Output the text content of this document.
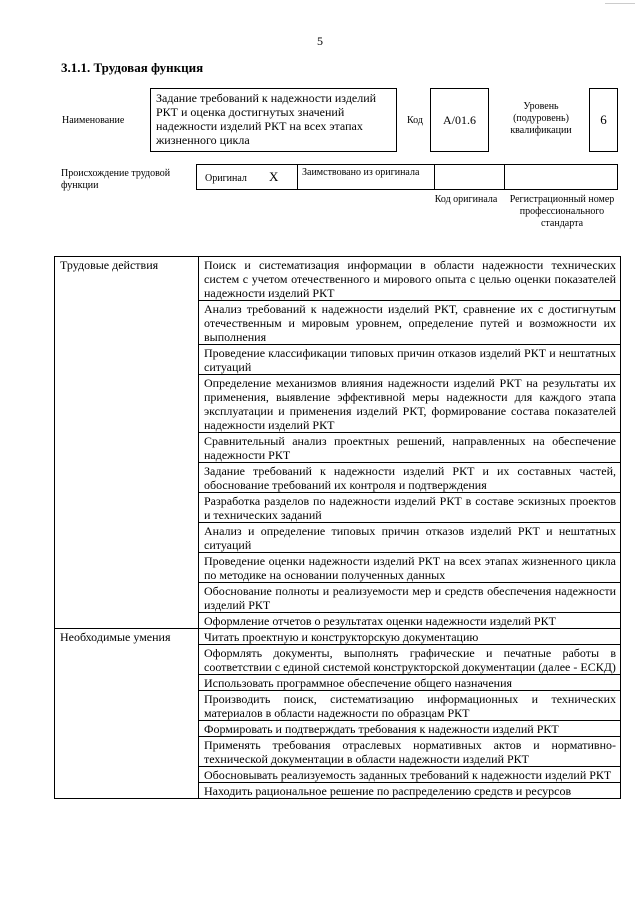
5
3.1.1. Трудовая функция
Наименование
Задание требований к надежности изделий РКТ и оценка достигнутых значений надежности изделий РКТ на всех этапах жизненного цикла
Код А/01.6
Уровень (подуровень) квалификации
6
Происхождение трудовой функции
Оригинал Х Заимствовано из оригинала
Код оригинала	Регистрационный номер профессионального стандарта
Трудовые действия	Поиск и систематизация информации в области надежности технических систем с учетом отечественного и мирового опыта с целью оценки показателей надежности изделий РКТ
	Анализ требований к надежности изделий РКТ, сравнение их с достигнутым отечественным и мировым уровнем, определение путей и возможности их выполнения
	Проведение классификации типовых причин отказов изделий РКТ и нештатных ситуаций
	Определение механизмов влияния надежности изделий РКТ на результаты их применения, выявление эффективной меры надежности для каждого этапа эксплуатации и применения изделий РКТ, формирование состава показателей надежности изделий РКТ
	Сравнительный анализ проектных решений, направленных на обеспечение надежности РКТ
	Задание требований к надежности изделий РКТ и их составных частей, обоснование требований их контроля и подтверждения
	Разработка разделов по надежности изделий РКТ в составе эскизных проектов и технических заданий
	Анализ и определение типовых причин отказов изделий РКТ и нештатных ситуаций
	Проведение оценки надежности изделий РКТ на всех этапах жизненного цикла по методике на основании полученных данных
	Обоснование полноты и реализуемости мер и средств обеспечения надежности изделий РКТ
	Оформление отчетов о результатах оценки надежности изделий РКТ
Необходимые умения	Читать проектную и конструкторскую документацию
	Оформлять документы, выполнять графические и печатные работы в соответствии с единой системой конструкторской документации (далее - ЕСКД)
	Использовать программное обеспечение общего назначения
	Производить поиск, систематизацию информационных и технических материалов в области надежности по образцам РКТ
	Формировать и подтверждать требования к надежности изделий РКТ
	Применять требования отраслевых нормативных актов и нормативно-технической документации в области надежности изделий РКТ
	Обосновывать реализуемость заданных требований к надежности изделий РКТ
	Находить рациональное решение по распределению средств и ресурсов
